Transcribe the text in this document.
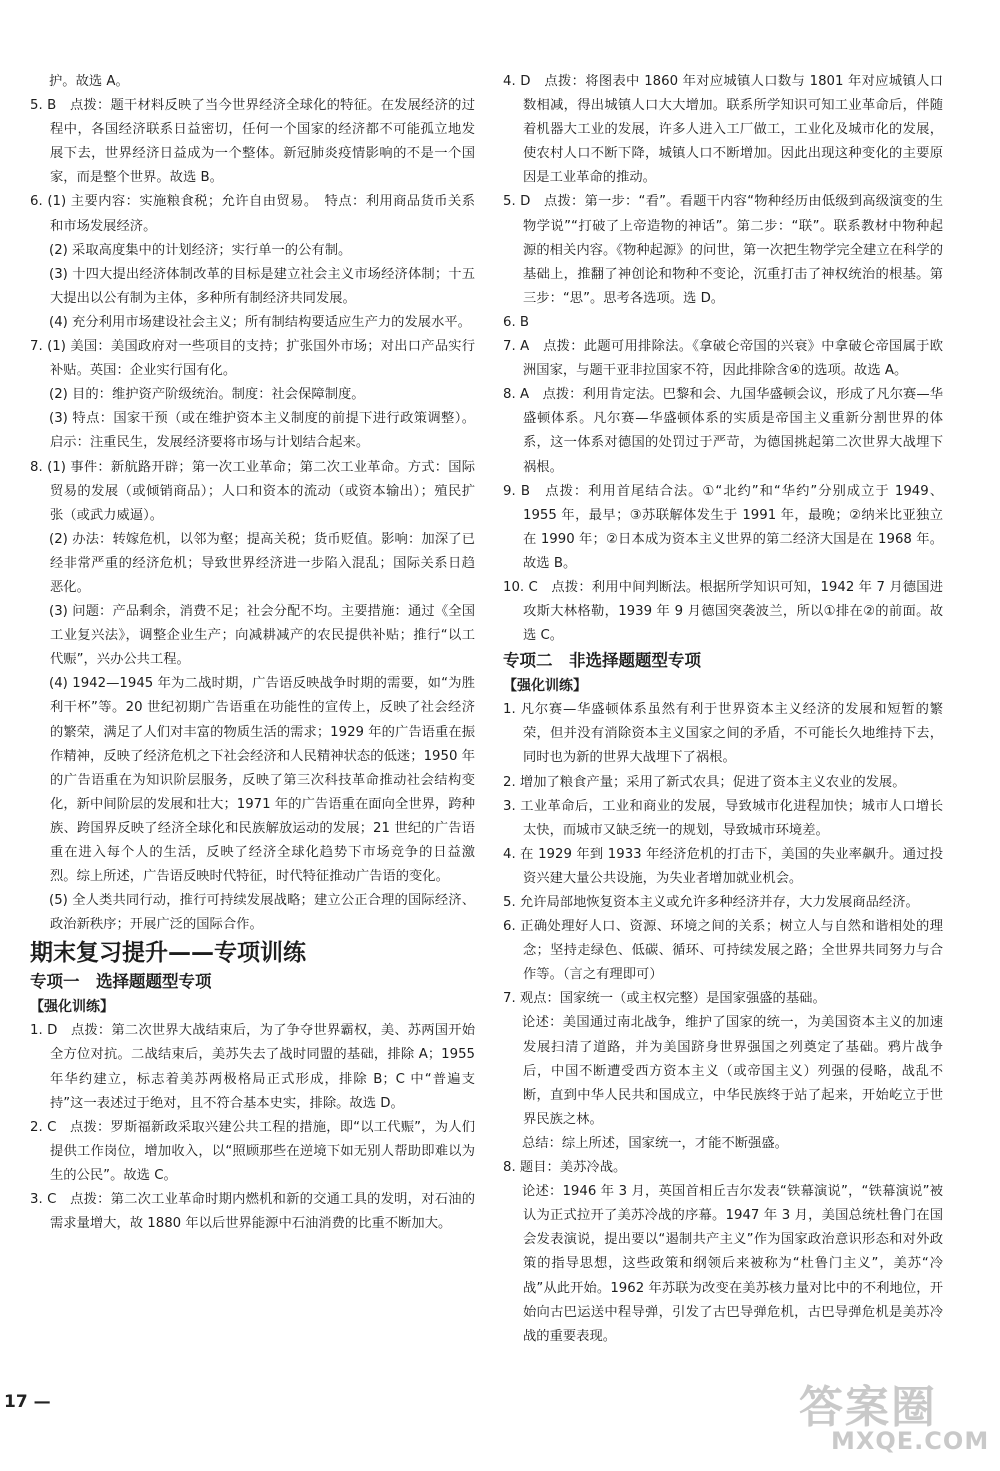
护。故选 A。

5. B　点拨：题干材料反映了当今世界经济全球化的特征。在发展经济的过程中，各国经济联系日益密切，任何一个国家的经济都不可能孤立地发展下去，世界经济日益成为一个整体。新冠肺炎疫情影响的不是一个国家，而是整个世界。故选 B。

6. (1) 主要内容：实施粮食税；允许自由贸易。　特点：利用商品货币关系和市场发展经济。

(2) 采取高度集中的计划经济；实行单一的公有制。

(3) 十四大提出经济体制改革的目标是建立社会主义市场经济体制；十五大提出以公有制为主体，多种所有制经济共同发展。

(4) 充分利用市场建设社会主义；所有制结构要适应生产力的发展水平。

7. (1) 美国：美国政府对一些项目的支持；扩张国外市场；对出口产品实行补贴。英国：企业实行国有化。

(2) 目的：维护资产阶级统治。制度：社会保障制度。

(3) 特点：国家干预（或在维护资本主义制度的前提下进行政策调整）。启示：注重民生，发展经济要将市场与计划结合起来。

8. (1) 事件：新航路开辟；第一次工业革命；第二次工业革命。方式：国际贸易的发展（或倾销商品）；人口和资本的流动（或资本输出）；殖民扩张（或武力威逼）。

(2) 办法：转嫁危机，以邻为壑；提高关税；货币贬值。影响：加深了已经非常严重的经济危机；导致世界经济进一步陷入混乱；国际关系日趋恶化。

(3) 问题：产品剩余，消费不足；社会分配不均。主要措施：通过《全国工业复兴法》，调整企业生产；向减耕减产的农民提供补贴；推行“以工代赈”，兴办公共工程。

(4) 1942—1945 年为二战时期，广告语反映战争时期的需要，如“为胜利干杯”等。20 世纪初期广告语重在功能性的宣传上，反映了社会经济的繁荣，满足了人们对丰富的物质生活的需求；1929 年的广告语重在振作精神，反映了经济危机之下社会经济和人民精神状态的低迷；1950 年的广告语重在为知识阶层服务，反映了第三次科技革命推动社会结构变化，新中间阶层的发展和壮大；1971 年的广告语重在面向全世界，跨种族、跨国界反映了经济全球化和民族解放运动的发展；21 世纪的广告语重在进入每个人的生活，反映了经济全球化趋势下市场竞争的日益激烈。综上所述，广告语反映时代特征，时代特征推动广告语的变化。

(5) 全人类共同行动，推行可持续发展战略；建立公正合理的国际经济、政治新秩序；开展广泛的国际合作。

期末复习提升——专项训练

专项一　选择题题型专项

【强化训练】

1. D　点拨：第二次世界大战结束后，为了争夺世界霸权，美、苏两国开始全方位对抗。二战结束后，美苏失去了战时同盟的基础，排除 A；1955 年华约建立，标志着美苏两极格局正式形成，排除 B；C 中“普遍支持”这一表述过于绝对，且不符合基本史实，排除。故选 D。

2. C　点拨：罗斯福新政采取兴建公共工程的措施，即“以工代赈”，为人们提供工作岗位，增加收入，以“照顾那些在逆境下如无别人帮助即难以为生的公民”。故选 C。

3. C　点拨：第二次工业革命时期内燃机和新的交通工具的发明，对石油的需求量增大，故 1880 年以后世界能源中石油消费的比重不断加大。

4. D　点拨：将图表中 1860 年对应城镇人口数与 1801 年对应城镇人口数相减，得出城镇人口大大增加。联系所学知识可知工业革命后，伴随着机器大工业的发展，许多人进入工厂做工，工业化及城市化的发展，使农村人口不断下降，城镇人口不断增加。因此出现这种变化的主要原因是工业革命的推动。

5. D　点拨：第一步：“看”。看题干内容“物种经历由低级到高级演变的生物学说”“打破了上帝造物的神话”。第二步：“联”。联系教材中物种起源的相关内容。《物种起源》的问世，第一次把生物学完全建立在科学的基础上，推翻了神创论和物种不变论，沉重打击了神权统治的根基。第三步：“思”。思考各选项。选 D。

6. B

7. A　点拨：此题可用排除法。《拿破仑帝国的兴衰》中拿破仑帝国属于欧洲国家，与题干亚非拉国家不符，因此排除含④的选项。故选 A。

8. A　点拨：利用肯定法。巴黎和会、九国华盛顿会议，形成了凡尔赛—华盛顿体系。凡尔赛—华盛顿体系的实质是帝国主义重新分割世界的体系，这一体系对德国的处罚过于严苛，为德国挑起第二次世界大战埋下祸根。

9. B　点拨：利用首尾结合法。①“北约”和“华约”分别成立于 1949、1955 年，最早；③苏联解体发生于 1991 年，最晚；②纳米比亚独立在 1990 年；②日本成为资本主义世界的第二经济大国是在 1968 年。故选 B。

10. C　点拨：利用中间判断法。根据所学知识可知，1942 年 7 月德国进攻斯大林格勒，1939 年 9 月德国突袭波兰，所以①排在②的前面。故选 C。

专项二　非选择题题型专项

【强化训练】

1. 凡尔赛—华盛顿体系虽然有利于世界资本主义经济的发展和短暂的繁荣，但并没有消除资本主义国家之间的矛盾，不可能长久地维持下去，同时也为新的世界大战埋下了祸根。

2. 增加了粮食产量；采用了新式农具；促进了资本主义农业的发展。

3. 工业革命后，工业和商业的发展，导致城市化进程加快；城市人口增长太快，而城市又缺乏统一的规划，导致城市环境差。

4. 在 1929 年到 1933 年经济危机的打击下，美国的失业率飙升。通过投资兴建大量公共设施，为失业者增加就业机会。

5. 允许局部地恢复资本主义或允许多种经济并存，大力发展商品经济。

6. 正确处理好人口、资源、环境之间的关系；树立人与自然和谐相处的理念；坚持走绿色、低碳、循环、可持续发展之路；全世界共同努力与合作等。（言之有理即可）

7. 观点：国家统一（或主权完整）是国家强盛的基础。

论述：美国通过南北战争，维护了国家的统一，为美国资本主义的加速发展扫清了道路，并为美国跻身世界强国之列奠定了基础。鸦片战争后，中国不断遭受西方资本主义（或帝国主义）列强的侵略，战乱不断，直到中华人民共和国成立，中华民族终于站了起来，开始屹立于世界民族之林。

总结：综上所述，国家统一，才能不断强盛。

8. 题目：美苏冷战。

论述：1946 年 3 月，英国首相丘吉尔发表“铁幕演说”，“铁幕演说”被认为正式拉开了美苏冷战的序幕。1947 年 3 月，美国总统杜鲁门在国会发表演说，提出要以“遏制共产主义”作为国家政治意识形态和对外政策的指导思想，这些政策和纲领后来被称为“杜鲁门主义”，美苏“冷战”从此开始。1962 年苏联为改变在美苏核力量对比中的不利地位，开始向古巴运送中程导弹，引发了古巴导弹危机，古巴导弹危机是美苏冷战的重要表现。

17 —	答案圈
MXQE.COM
